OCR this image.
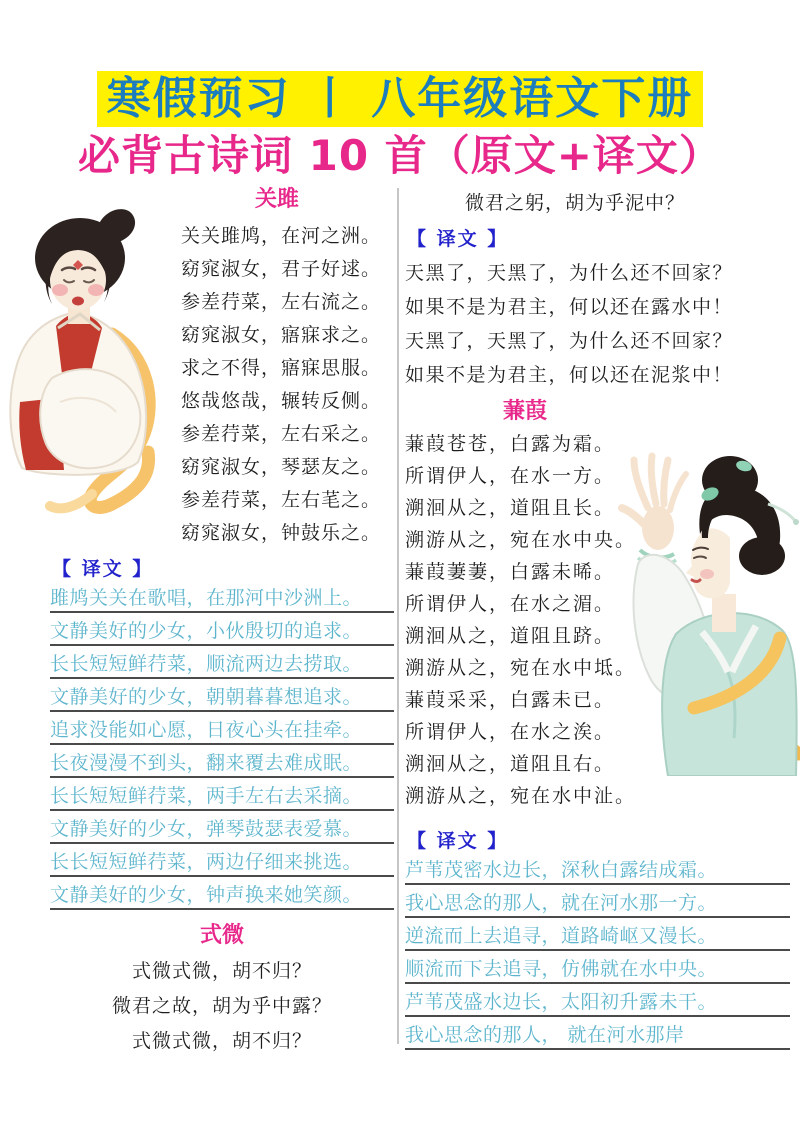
寒假预习 丨 八年级语文下册
必背古诗词 10 首（原文+译文）
关雎
关关雎鸠，在河之洲。
窈窕淑女，君子好逑。
参差荇菜，左右流之。
窈窕淑女，寤寐求之。
求之不得，寤寐思服。
悠哉悠哉，辗转反侧。
参差荇菜，左右采之。
窈窕淑女，琴瑟友之。
参差荇菜，左右芼之。
窈窕淑女，钟鼓乐之。
【 译文 】
雎鸠关关在歌唱，在那河中沙洲上。
文静美好的少女，小伙殷切的追求。
长长短短鲜荇菜，顺流两边去捞取。
文静美好的少女，朝朝暮暮想追求。
追求没能如心愿，日夜心头在挂牵。
长夜漫漫不到头，翻来覆去难成眠。
长长短短鲜荇菜，两手左右去采摘。
文静美好的少女，弹琴鼓瑟表爱慕。
长长短短鲜荇菜，两边仔细来挑选。
文静美好的少女，钟声换来她笑颜。
式微
式微式微，胡不归？
微君之故，胡为乎中露？
式微式微，胡不归？
微君之躬，胡为乎泥中？
【 译文 】
天黑了，天黑了，为什么还不回家？
如果不是为君主，何以还在露水中！
天黑了，天黑了，为什么还不回家？
如果不是为君主，何以还在泥浆中！
蒹葭
蒹葭苍苍，白露为霜。
所谓伊人，在水一方。
溯洄从之，道阻且长。
溯游从之，宛在水中央。
蒹葭萋萋，白露未晞。
所谓伊人，在水之湄。
溯洄从之，道阻且跻。
溯游从之，宛在水中坻。
蒹葭采采，白露未已。
所谓伊人，在水之涘。
溯洄从之，道阻且右。
溯游从之，宛在水中沚。
【 译文 】
芦苇茂密水边长，深秋白露结成霜。
我心思念的那人，就在河水那一方。
逆流而上去追寻，道路崎岖又漫长。
顺流而下去追寻，仿佛就在水中央。
芦苇茂盛水边长，太阳初升露未干。
我心思念的那人， 就在河水那岸
